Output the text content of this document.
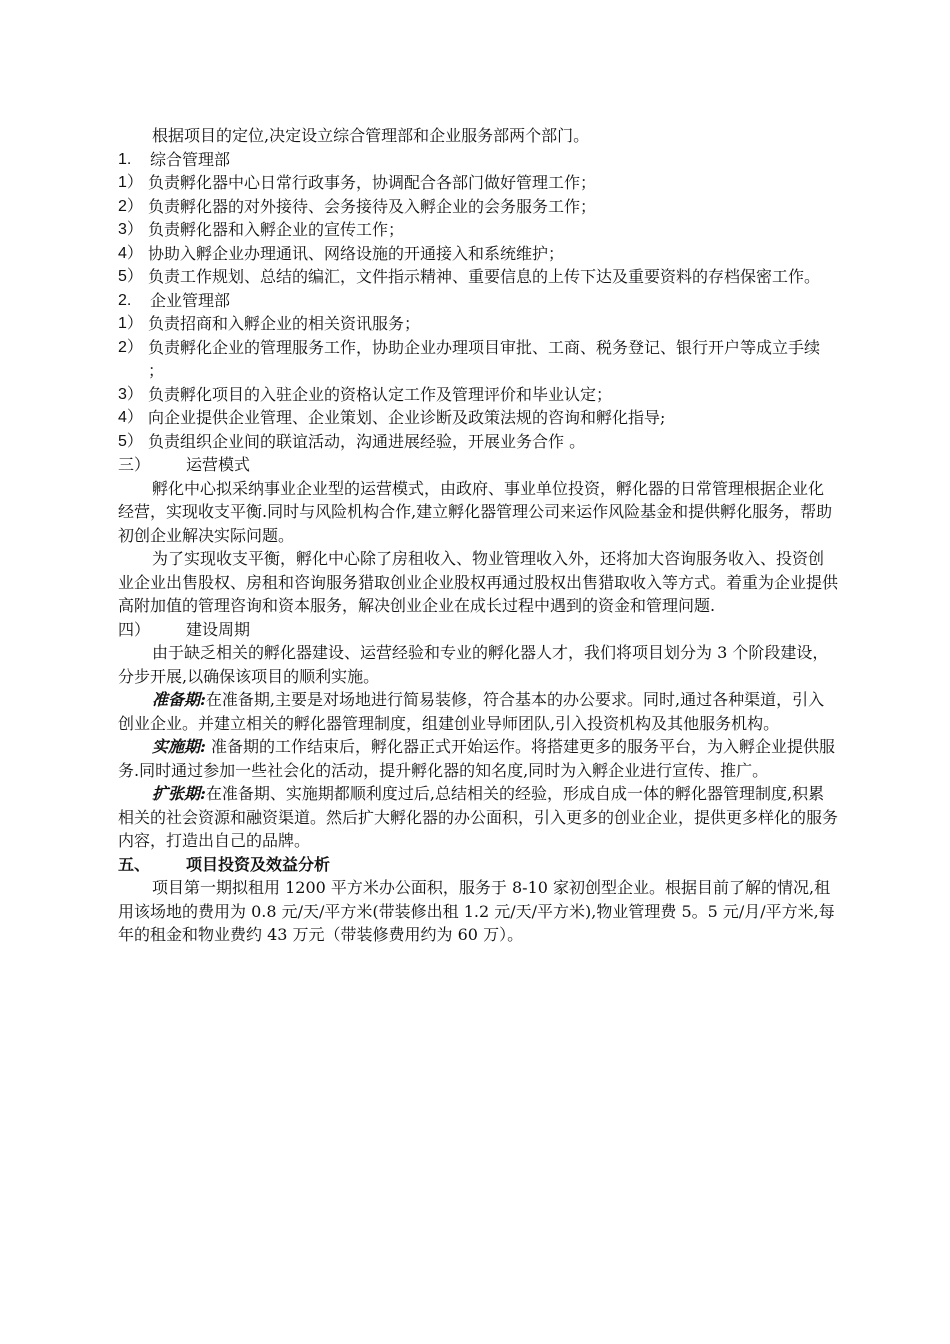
根据项目的定位,决定设立综合管理部和企业服务部两个部门。

1.	综合管理部
1） 负责孵化器中心日常行政事务，协调配合各部门做好管理工作；
2） 负责孵化器的对外接待、会务接待及入孵企业的会务服务工作；
3） 负责孵化器和入孵企业的宣传工作；
4） 协助入孵企业办理通讯、网络设施的开通接入和系统维护；
5） 负责工作规划、总结的编汇，文件指示精神、重要信息的上传下达及重要资料的存档保密工作。
2.	企业管理部
1） 负责招商和入孵企业的相关资讯服务；
2） 负责孵化企业的管理服务工作，协助企业办理项目审批、工商、税务登记、银行开户等成立手续 ；
3） 负责孵化项目的入驻企业的资格认定工作及管理评价和毕业认定；
4） 向企业提供企业管理、企业策划、企业诊断及政策法规的咨询和孵化指导;
5） 负责组织企业间的联谊活动，沟通进展经验，开展业务合作 。
三）	运营模式

孵化中心拟采纳事业企业型的运营模式，由政府、事业单位投资，孵化器的日常管理根据企业化经营，实现收支平衡.同时与风险机构合作,建立孵化器管理公司来运作风险基金和提供孵化服务，帮助初创企业解决实际问题。

为了实现收支平衡，孵化中心除了房租收入、物业管理收入外，还将加大咨询服务收入、投资创业企业出售股权、房租和咨询服务猎取创业企业股权再通过股权出售猎取收入等方式。着重为企业提供高附加值的管理咨询和资本服务，解决创业企业在成长过程中遇到的资金和管理问题.

四）	建设周期

由于缺乏相关的孵化器建设、运营经验和专业的孵化器人才，我们将项目划分为 3 个阶段建设，分步开展,以确保该项目的顺利实施。

准备期:在准备期,主要是对场地进行简易装修，符合基本的办公要求。同时,通过各种渠道，引入创业企业。并建立相关的孵化器管理制度，组建创业导师团队,引入投资机构及其他服务机构。

实施期: 准备期的工作结束后，孵化器正式开始运作。将搭建更多的服务平台，为入孵企业提供服务.同时通过参加一些社会化的活动，提升孵化器的知名度,同时为入孵企业进行宣传、推广。

扩张期:在准备期、实施期都顺利度过后,总结相关的经验，形成自成一体的孵化器管理制度,积累相关的社会资源和融资渠道。然后扩大孵化器的办公面积，引入更多的创业企业，提供更多样化的服务内容，打造出自己的品牌。

五、	项目投资及效益分析

项目第一期拟租用 1200 平方米办公面积，服务于 8-10 家初创型企业。根据目前了解的情况,租用该场地的费用为 0.8 元/天/平方米(带装修出租 1.2 元/天/平方米),物业管理费 5。5 元/月/平方米,每年的租金和物业费约 43 万元（带装修费用约为 60 万）。
